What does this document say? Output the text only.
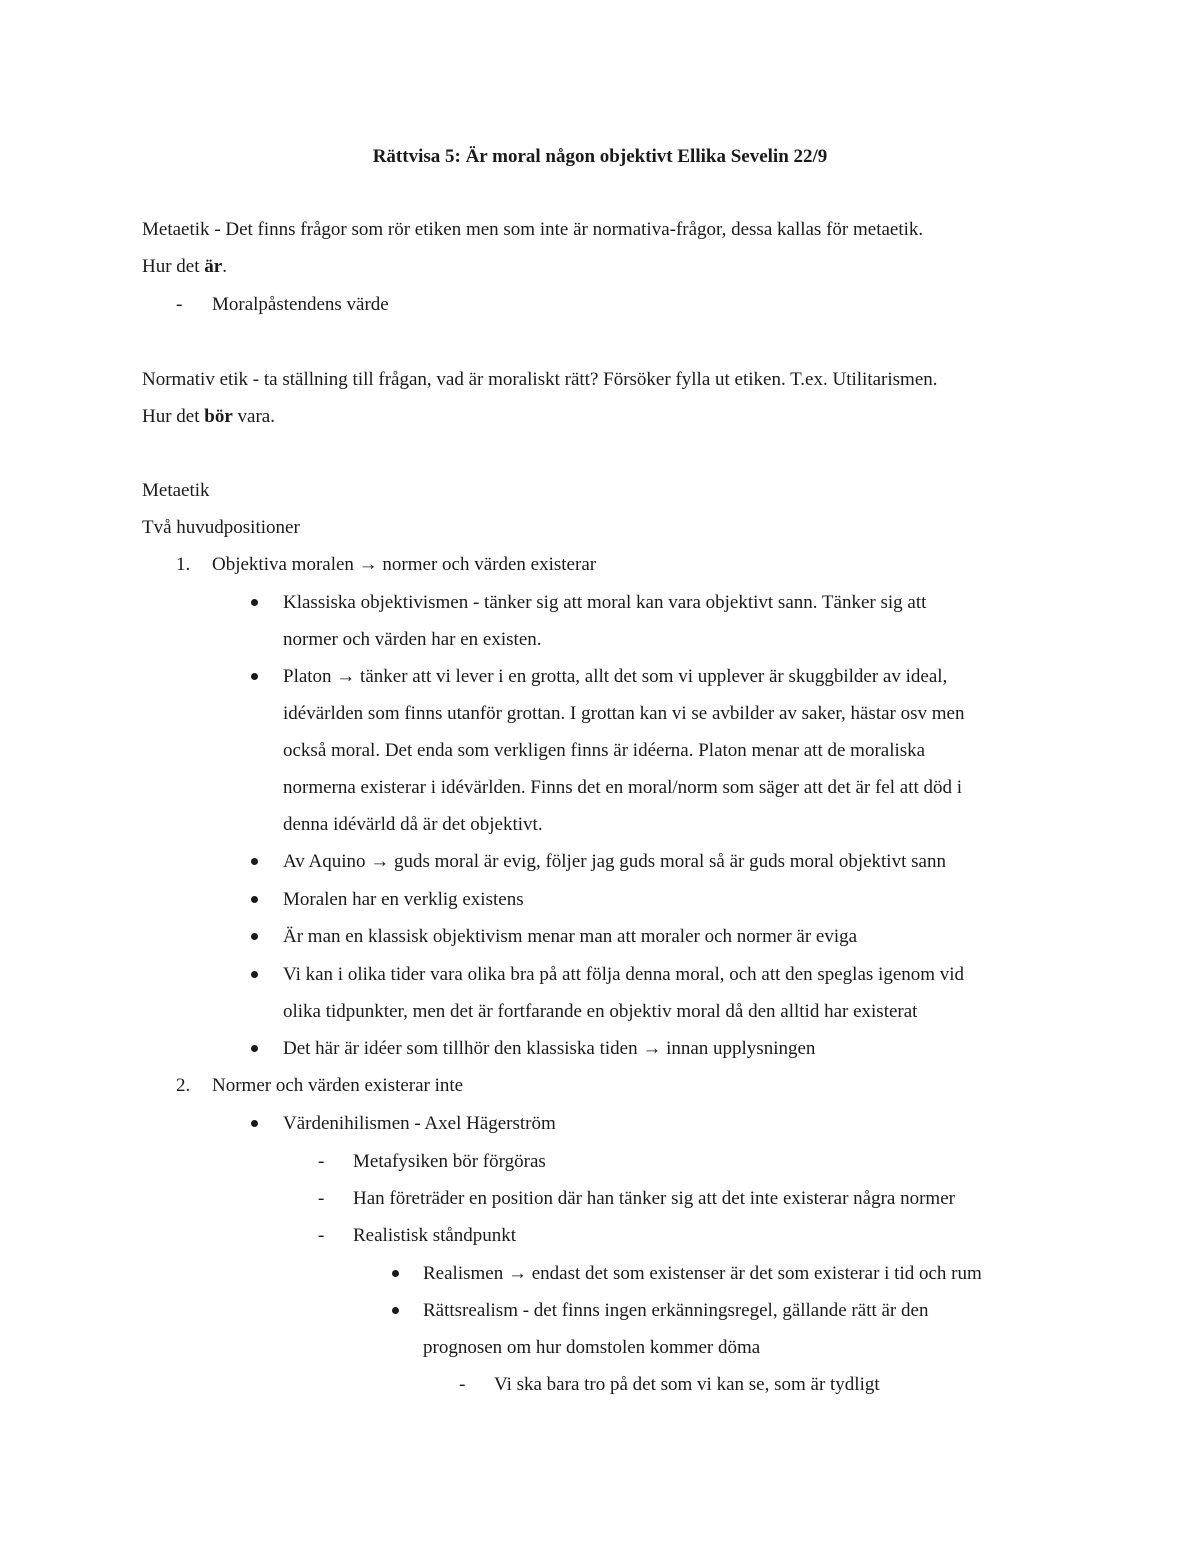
Rättvisa 5: Är moral någon objektivt Ellika Sevelin 22/9
Metaetik - Det finns frågor som rör etiken men som inte är normativa-frågor, dessa kallas för metaetik.
Hur det är.
- Moralpåstendens värde
Normativ etik - ta ställning till frågan, vad är moraliskt rätt? Försöker fylla ut etiken. T.ex. Utilitarismen.
Hur det bör vara.
Metaetik
Två huvudpositioner
1. Objektiva moralen → normer och värden existerar
Klassiska objektivismen - tänker sig att moral kan vara objektivt sann. Tänker sig att
normer och värden har en existen.
Platon → tänker att vi lever i en grotta, allt det som vi upplever är skuggbilder av ideal,
idévärlden som finns utanför grottan. I grottan kan vi se avbilder av saker, hästar osv men
också moral. Det enda som verkligen finns är idéerna. Platon menar att de moraliska
normerna existerar i idévärlden. Finns det en moral/norm som säger att det är fel att död i
denna idévärld då är det objektivt.
Av Aquino → guds moral är evig, följer jag guds moral så är guds moral objektivt sann
Moralen har en verklig existens
Är man en klassisk objektivism menar man att moraler och normer är eviga
Vi kan i olika tider vara olika bra på att följa denna moral, och att den speglas igenom vid
olika tidpunkter, men det är fortfarande en objektiv moral då den alltid har existerat
Det här är idéer som tillhör den klassiska tiden → innan upplysningen
2. Normer och värden existerar inte
Värdenihilismen - Axel Hägerström
- Metafysiken bör förgöras
- Han företräder en position där han tänker sig att det inte existerar några normer
- Realistisk ståndpunkt
Realismen → endast det som existenser är det som existerar i tid och rum
Rättsrealism - det finns ingen erkänningsregel, gällande rätt är den
prognosen om hur domstolen kommer döma
- Vi ska bara tro på det som vi kan se, som är tydligt
